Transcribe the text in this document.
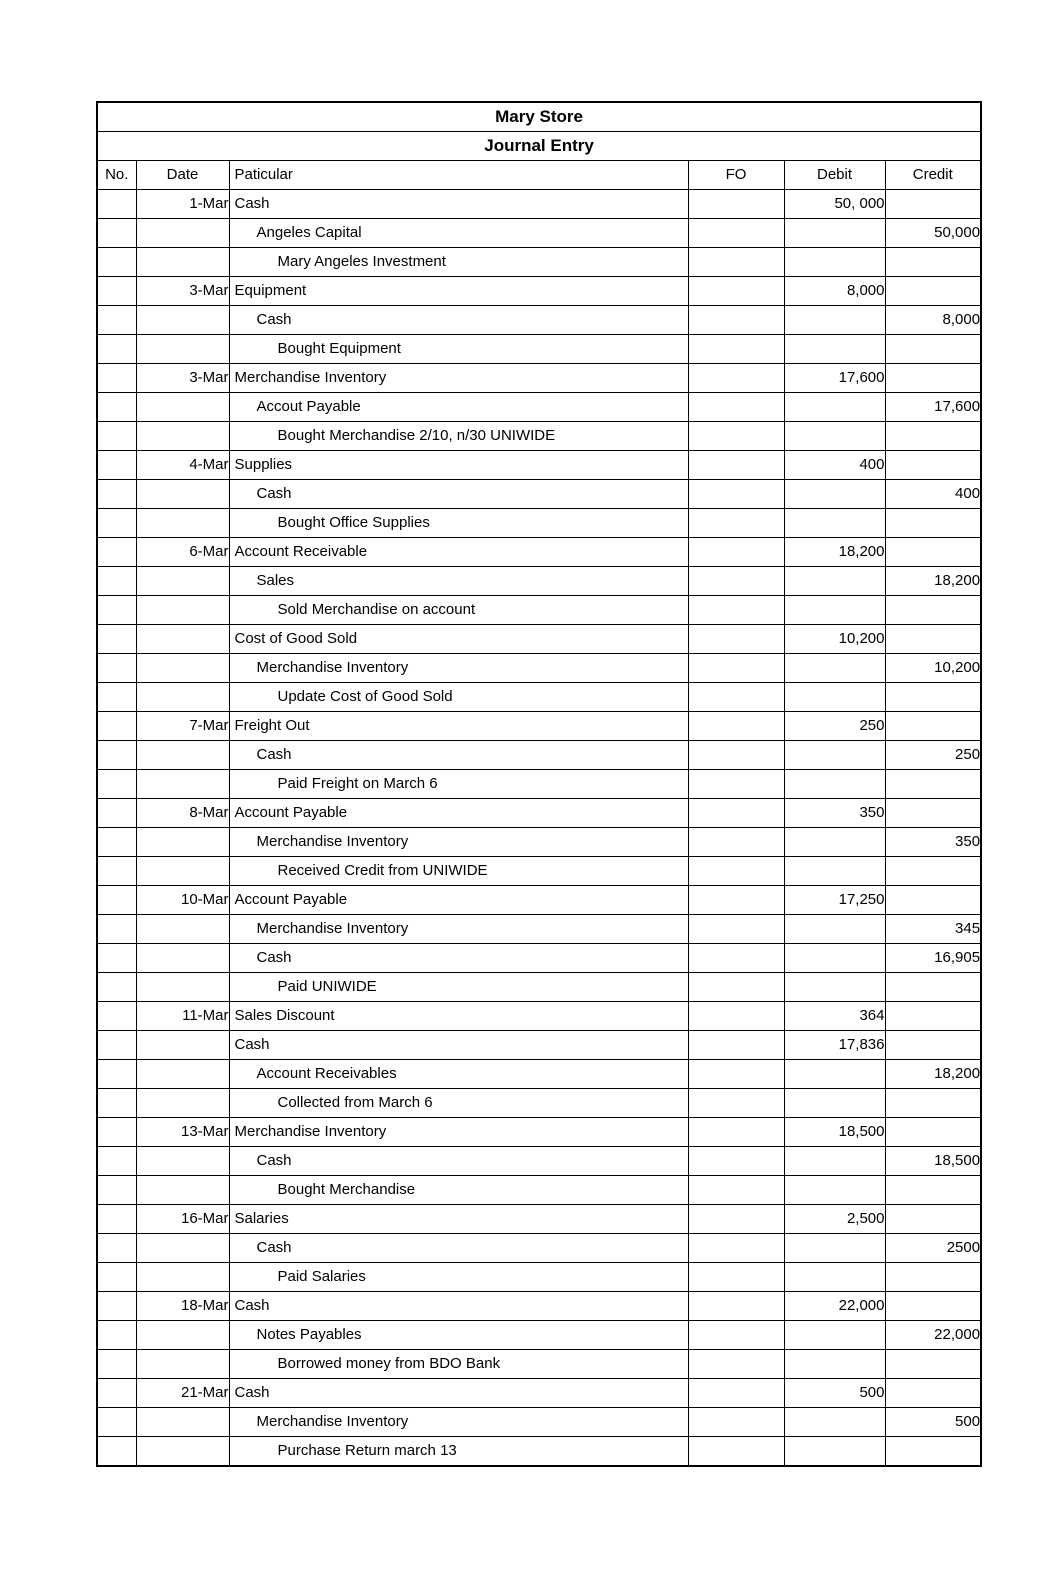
Mary Store					
Journal Entry					
No.	Date	Paticular	FO	Debit	Credit
	1-Mar	Cash		50, 000	
		Angeles Capital			50,000
		Mary Angeles Investment			
	3-Mar	Equipment		8,000	
		Cash			8,000
		Bought Equipment			
	3-Mar	Merchandise Inventory		17,600	
		Accout Payable			17,600
		Bought Merchandise 2/10, n/30 UNIWIDE			
	4-Mar	Supplies		400	
		Cash			400
		Bought Office Supplies			
	6-Mar	Account Receivable		18,200	
		Sales			18,200
		Sold Merchandise on account			
		Cost of Good Sold		10,200	
		Merchandise Inventory			10,200
		Update Cost of Good Sold			
	7-Mar	Freight Out		250	
		Cash			250
		Paid Freight on March 6			
	8-Mar	Account Payable		350	
		Merchandise Inventory			350
		Received Credit from UNIWIDE			
	10-Mar	Account Payable		17,250	
		Merchandise Inventory			345
		Cash			16,905
		Paid UNIWIDE			
	11-Mar	Sales Discount		364	
		Cash		17,836	
		Account Receivables			18,200
		Collected from March 6			
	13-Mar	Merchandise Inventory		18,500	
		Cash			18,500
		Bought Merchandise			
	16-Mar	Salaries		2,500	
		Cash			2500
		Paid Salaries			
	18-Mar	Cash		22,000	
		Notes Payables			22,000
		Borrowed money from BDO Bank			
	21-Mar	Cash		500	
		Merchandise Inventory			500
		Purchase Return march 13			
